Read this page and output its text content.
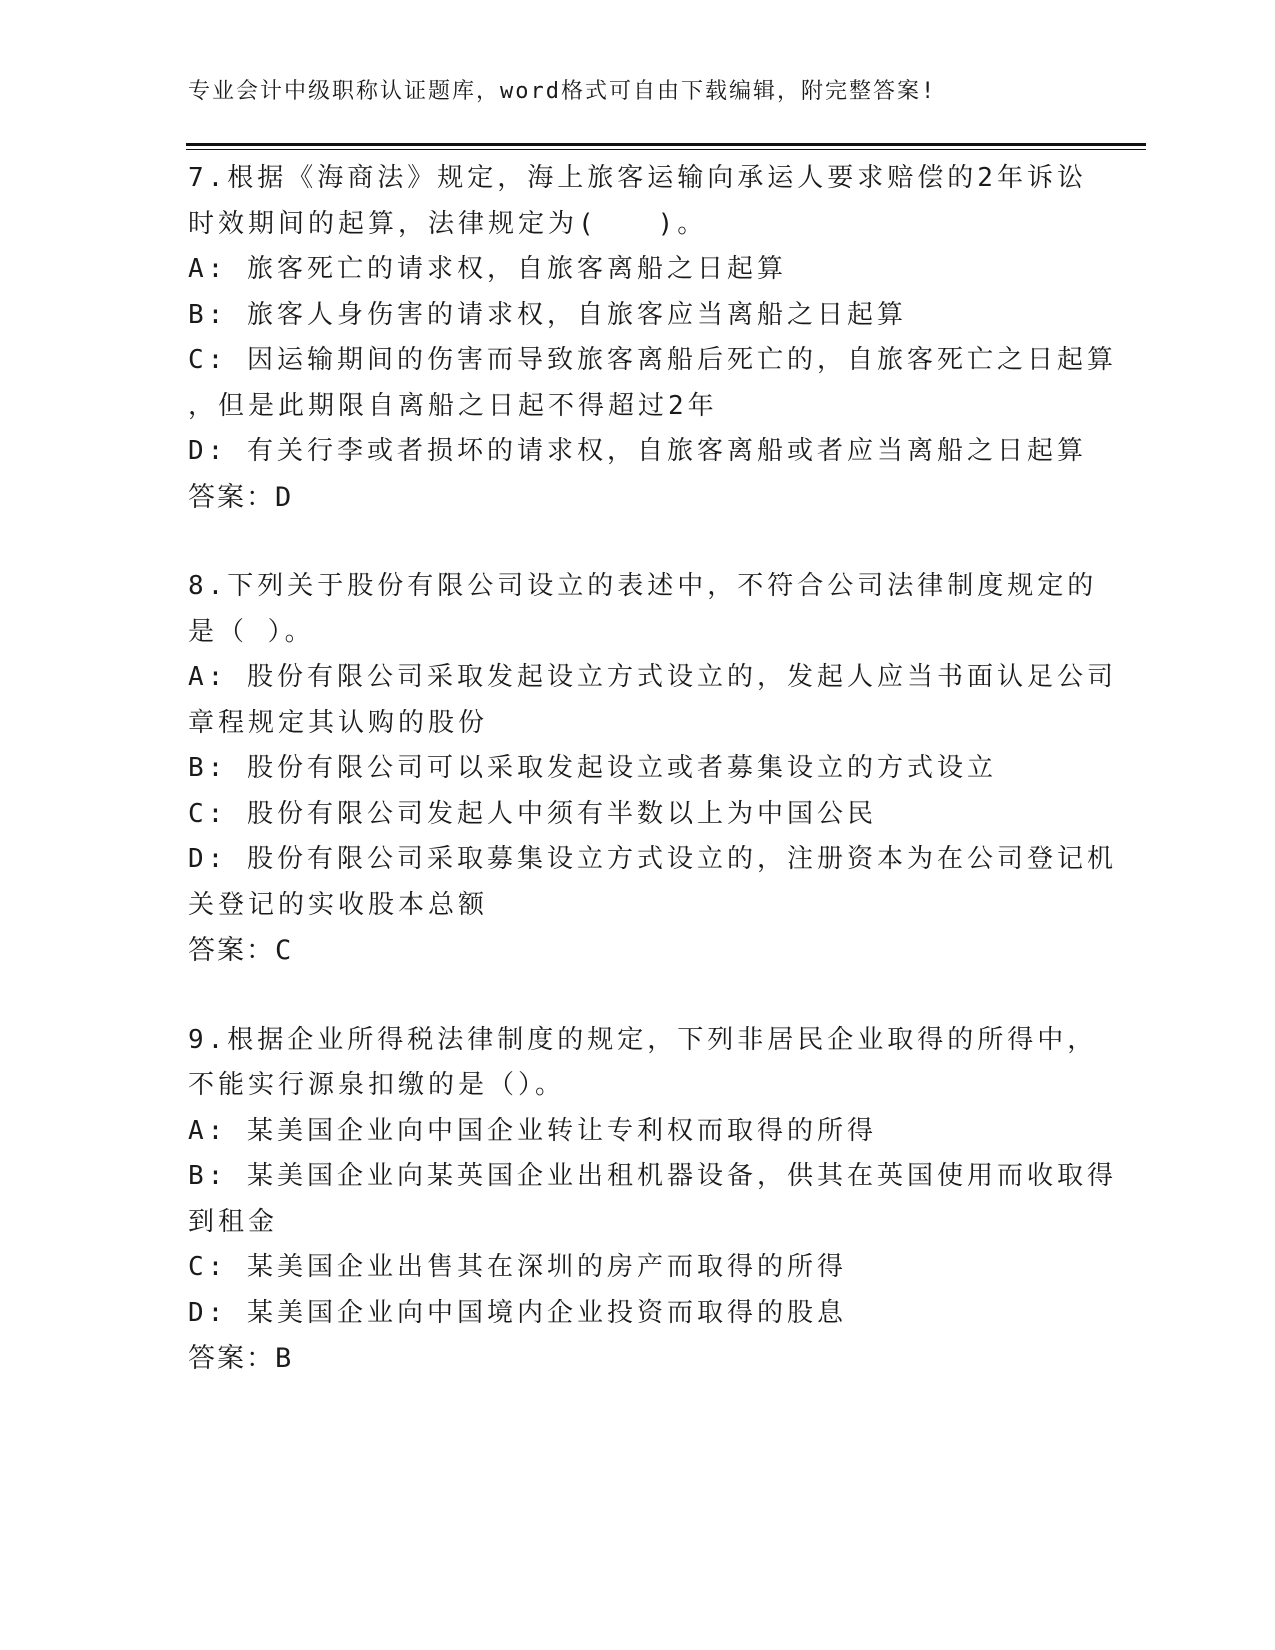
专业会计中级职称认证题库，word格式可自由下载编辑，附完整答案!
7.根据《海商法》规定，海上旅客运输向承运人要求赔偿的2年诉讼
时效期间的起算，法律规定为(　　)。
A: 旅客死亡的请求权，自旅客离船之日起算
B: 旅客人身伤害的请求权，自旅客应当离船之日起算
C: 因运输期间的伤害而导致旅客离船后死亡的，自旅客死亡之日起算
，但是此期限自离船之日起不得超过2年
D: 有关行李或者损坏的请求权，自旅客离船或者应当离船之日起算
答案：D
8.下列关于股份有限公司设立的表述中，不符合公司法律制度规定的
是（ ）。
A: 股份有限公司采取发起设立方式设立的，发起人应当书面认足公司
章程规定其认购的股份
B: 股份有限公司可以采取发起设立或者募集设立的方式设立
C: 股份有限公司发起人中须有半数以上为中国公民
D: 股份有限公司采取募集设立方式设立的，注册资本为在公司登记机
关登记的实收股本总额
答案：C
9.根据企业所得税法律制度的规定，下列非居民企业取得的所得中，
不能实行源泉扣缴的是（）。
A: 某美国企业向中国企业转让专利权而取得的所得
B: 某美国企业向某英国企业出租机器设备，供其在英国使用而收取得
到租金
C: 某美国企业出售其在深圳的房产而取得的所得
D: 某美国企业向中国境内企业投资而取得的股息
答案：B
